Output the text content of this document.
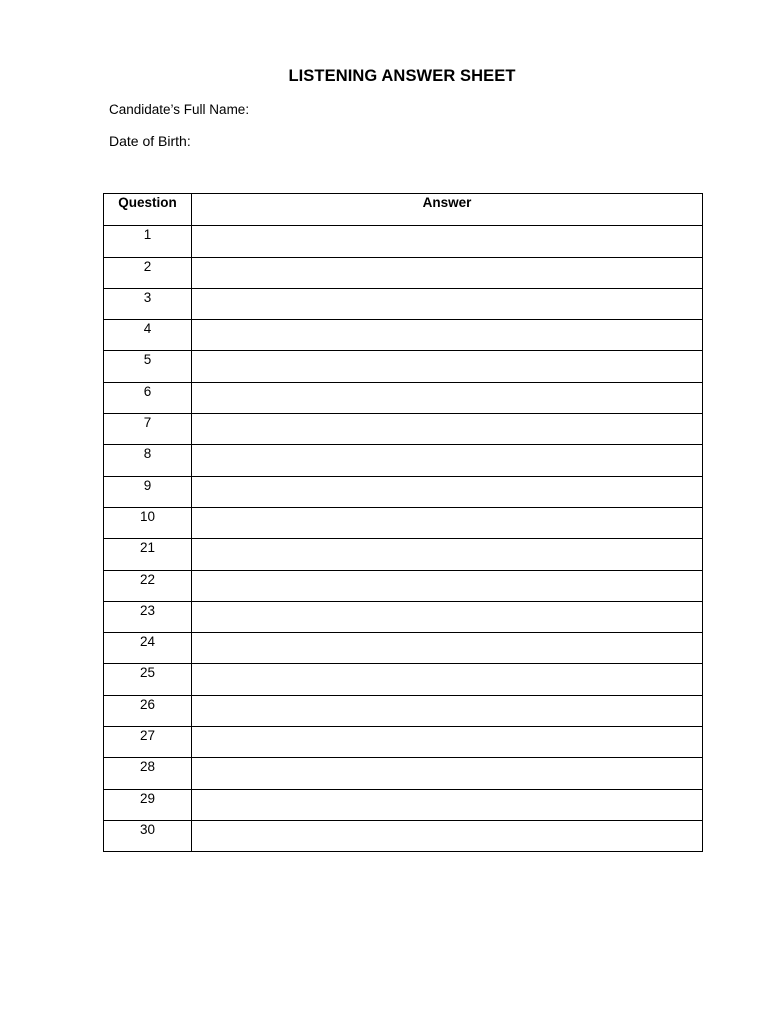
LISTENING ANSWER SHEET
Candidate’s Full Name:
Date of Birth:
Question	Answer
1	
2	
3	
4	
5	
6	
7	
8	
9	
10	
21	
22	
23	
24	
25	
26	
27	
28	
29	
30	
